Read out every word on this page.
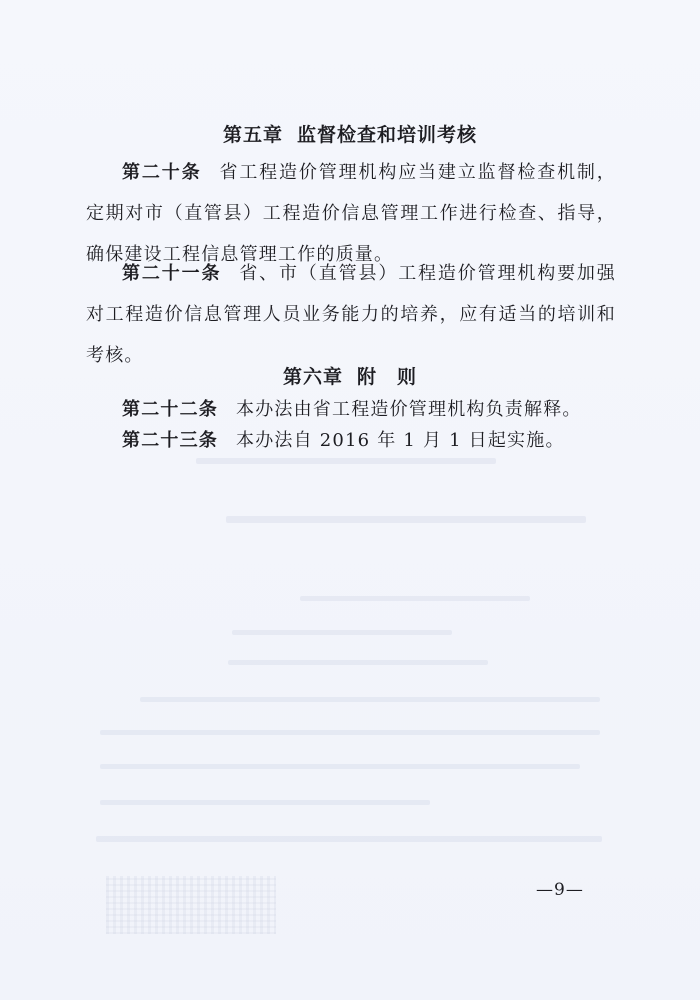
第五章 监督检查和培训考核

第二十条 省工程造价管理机构应当建立监督检查机制，定期对市（直管县）工程造价信息管理工作进行检查、指导，确保建设工程信息管理工作的质量。

第二十一条 省、市（直管县）工程造价管理机构要加强对工程造价信息管理人员业务能力的培养，应有适当的培训和考核。

第六章 附 则

第二十二条 本办法由省工程造价管理机构负责解释。

第二十三条 本办法自 2016 年 1 月 1 日起实施。

—9—
